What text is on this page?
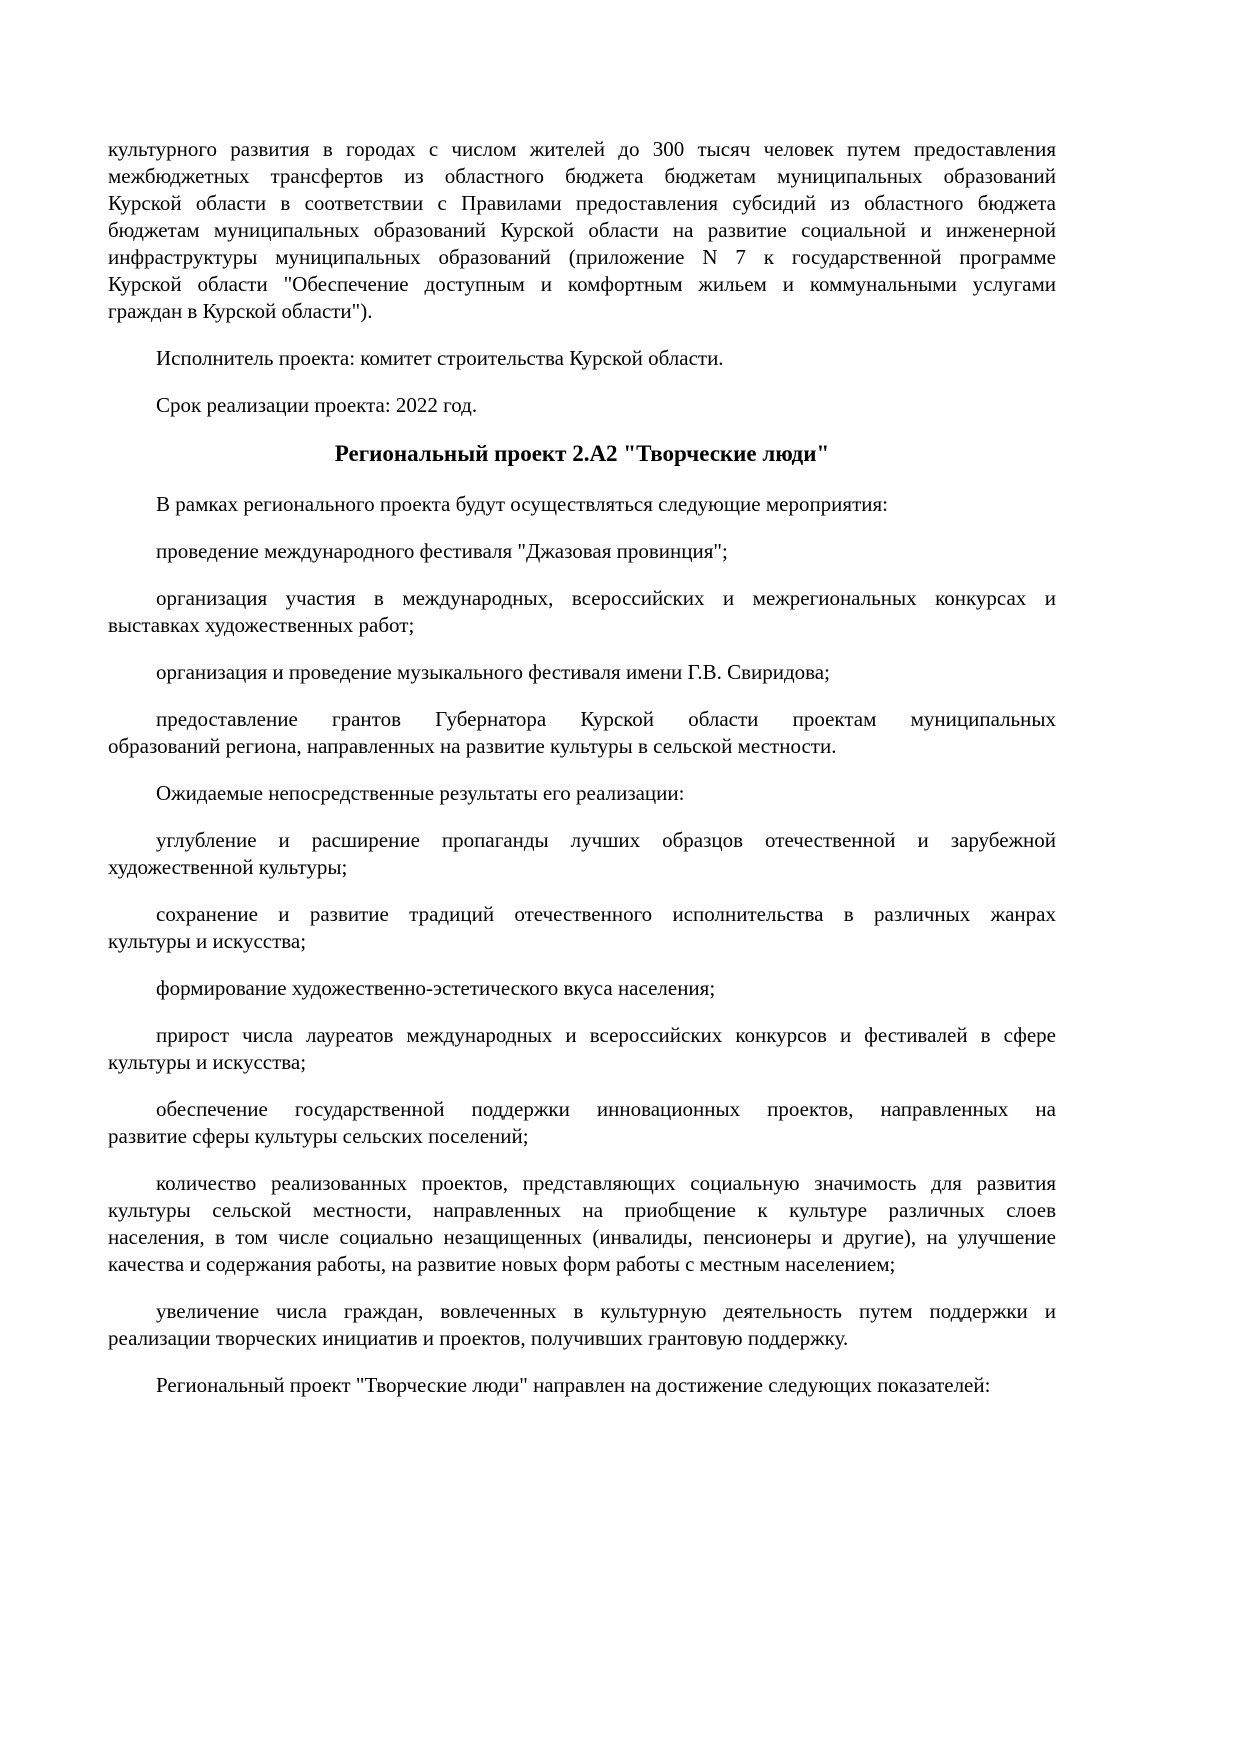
культурного развития в городах с числом жителей до 300 тысяч человек путем предоставления
межбюджетных трансфертов из областного бюджета бюджетам муниципальных образований
Курской области в соответствии с Правилами предоставления субсидий из областного бюджета
бюджетам муниципальных образований Курской области на развитие социальной и инженерной
инфраструктуры муниципальных образований (приложение N 7 к государственной программе
Курской области "Обеспечение доступным и комфортным жильем и коммунальными услугами
граждан в Курской области").

Исполнитель проекта: комитет строительства Курской области.

Срок реализации проекта: 2022 год.

Региональный проект 2.А2 "Творческие люди"

В рамках регионального проекта будут осуществляться следующие мероприятия:

проведение международного фестиваля "Джазовая провинция";

организация участия в международных, всероссийских и межрегиональных конкурсах и
выставках художественных работ;

организация и проведение музыкального фестиваля имени Г.В. Свиридова;

предоставление грантов Губернатора Курской области проектам муниципальных
образований региона, направленных на развитие культуры в сельской местности.

Ожидаемые непосредственные результаты его реализации:

углубление и расширение пропаганды лучших образцов отечественной и зарубежной
художественной культуры;

сохранение и развитие традиций отечественного исполнительства в различных жанрах
культуры и искусства;

формирование художественно-эстетического вкуса населения;

прирост числа лауреатов международных и всероссийских конкурсов и фестивалей в сфере
культуры и искусства;

обеспечение государственной поддержки инновационных проектов, направленных на
развитие сферы культуры сельских поселений;

количество реализованных проектов, представляющих социальную значимость для развития
культуры сельской местности, направленных на приобщение к культуре различных слоев
населения, в том числе социально незащищенных (инвалиды, пенсионеры и другие), на улучшение
качества и содержания работы, на развитие новых форм работы с местным населением;

увеличение числа граждан, вовлеченных в культурную деятельность путем поддержки и
реализации творческих инициатив и проектов, получивших грантовую поддержку.

Региональный проект "Творческие люди" направлен на достижение следующих показателей:
